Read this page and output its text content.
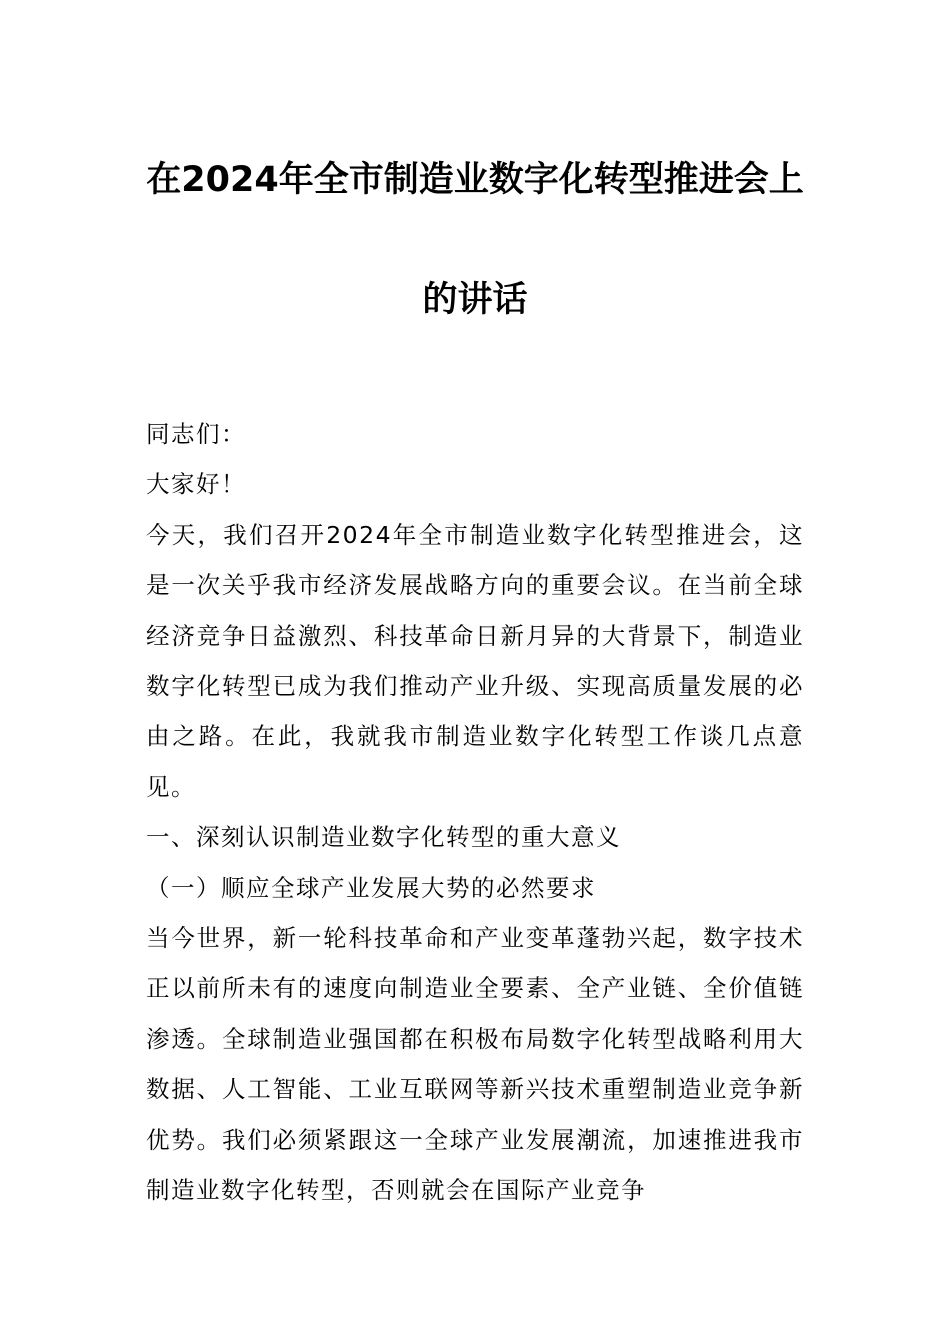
在2024年全市制造业数字化转型推进会上
的讲话

同志们：

大家好！

今天，我们召开2024年全市制造业数字化转型推进会，这是一次关乎我市经济发展战略方向的重要会议。在当前全球经济竞争日益激烈、科技革命日新月异的大背景下，制造业数字化转型已成为我们推动产业升级、实现高质量发展的必由之路。在此，我就我市制造业数字化转型工作谈几点意见。

一、深刻认识制造业数字化转型的重大意义

（一）顺应全球产业发展大势的必然要求

当今世界，新一轮科技革命和产业变革蓬勃兴起，数字技术正以前所未有的速度向制造业全要素、全产业链、全价值链渗透。全球制造业强国都在积极布局数字化转型战略利用大数据、人工智能、工业互联网等新兴技术重塑制造业竞争新优势。我们必须紧跟这一全球产业发展潮流，加速推进我市制造业数字化转型，否则就会在国际产业竞争
